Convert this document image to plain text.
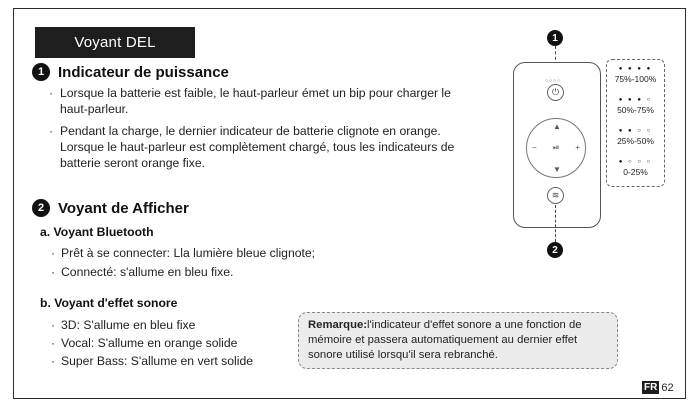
Voyant DEL
1 Indicateur de puissance
· Lorsque la batterie est faible, le haut-parleur émet un bip pour charger le haut-parleur.
· Pendant la charge, le dernier indicateur de batterie clignote en orange. Lorsque le haut-parleur est complètement chargé, tous les indicateurs de batterie seront orange fixe.
2 Voyant de Afficher
a. Voyant Bluetooth
· Prêt à se connecter: Lla lumière bleue clignote;
· Connecté: s'allume en bleu fixe.
b. Voyant d'effet sonore
· 3D: S'allume en bleu fixe
· Vocal: S'allume en orange solide
· Super Bass: S'allume en vert solide
Remarque:l'indicateur d'effet sonore a une fonction de mémoire et passera automatiquement au dernier effet sonore utilisé lorsqu'il sera rebranché.
1
○○○○
⏻
▲
▼
−	+
⏯
≋
2
● ● ● ●
75%-100%
● ● ● ○
50%-75%
● ● ○ ○
25%-50%
● ○ ○ ○
0-25%
FR 62
